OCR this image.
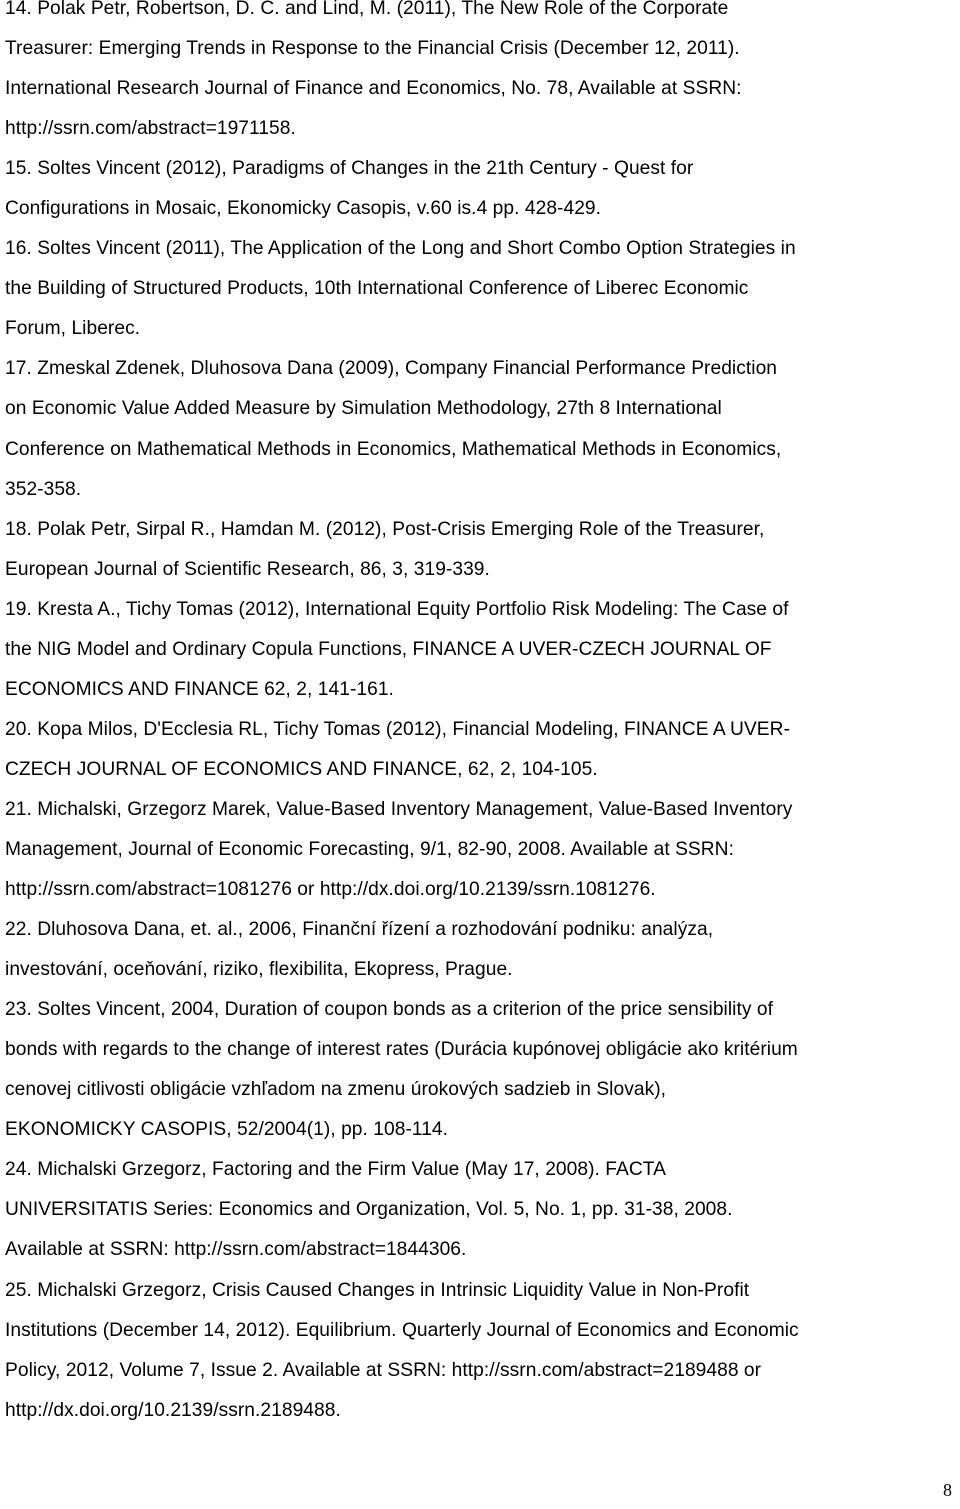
14. Polak Petr, Robertson, D. C. and Lind, M. (2011), The New Role of the Corporate
Treasurer: Emerging Trends in Response to the Financial Crisis (December 12, 2011).
International Research Journal of Finance and Economics, No. 78, Available at SSRN:
http://ssrn.com/abstract=1971158.
15. Soltes Vincent (2012), Paradigms of Changes in the 21th Century - Quest for
Configurations in Mosaic, Ekonomicky Casopis, v.60 is.4 pp. 428-429.
16. Soltes Vincent (2011), The Application of the Long and Short Combo Option Strategies in
the Building of Structured Products, 10th International Conference of Liberec Economic
Forum, Liberec.
17. Zmeskal Zdenek, Dluhosova Dana (2009), Company Financial Performance Prediction
on Economic Value Added Measure by Simulation Methodology, 27th 8 International
Conference on Mathematical Methods in Economics, Mathematical Methods in Economics,
352-358.
18. Polak Petr, Sirpal R., Hamdan M. (2012), Post-Crisis Emerging Role of the Treasurer,
European Journal of Scientific Research, 86, 3, 319-339.
19. Kresta A., Tichy Tomas (2012), International Equity Portfolio Risk Modeling: The Case of
the NIG Model and Ordinary Copula Functions, FINANCE A UVER-CZECH JOURNAL OF
ECONOMICS AND FINANCE 62, 2, 141-161.
20. Kopa Milos, D'Ecclesia RL, Tichy Tomas (2012), Financial Modeling, FINANCE A UVER-
CZECH JOURNAL OF ECONOMICS AND FINANCE, 62, 2, 104-105.
21. Michalski, Grzegorz Marek, Value-Based Inventory Management, Value-Based Inventory
Management, Journal of Economic Forecasting, 9/1, 82-90, 2008. Available at SSRN:
http://ssrn.com/abstract=1081276 or http://dx.doi.org/10.2139/ssrn.1081276.
22. Dluhosova Dana, et. al., 2006, Finanční řízení a rozhodování podniku: analýza,
investování, oceňování, riziko, flexibilita, Ekopress, Prague.
23. Soltes Vincent, 2004, Duration of coupon bonds as a criterion of the price sensibility of
bonds with regards to the change of interest rates (Durácia kupónovej obligácie ako kritérium
cenovej citlivosti obligácie vzhľadom na zmenu úrokových sadzieb in Slovak),
EKONOMICKY CASOPIS, 52/2004(1), pp. 108-114.
24. Michalski Grzegorz, Factoring and the Firm Value (May 17, 2008). FACTA
UNIVERSITATIS Series: Economics and Organization, Vol. 5, No. 1, pp. 31-38, 2008.
Available at SSRN: http://ssrn.com/abstract=1844306.
25. Michalski Grzegorz, Crisis Caused Changes in Intrinsic Liquidity Value in Non-Profit
Institutions (December 14, 2012). Equilibrium. Quarterly Journal of Economics and Economic
Policy, 2012, Volume 7, Issue 2. Available at SSRN: http://ssrn.com/abstract=2189488 or
http://dx.doi.org/10.2139/ssrn.2189488.
8
